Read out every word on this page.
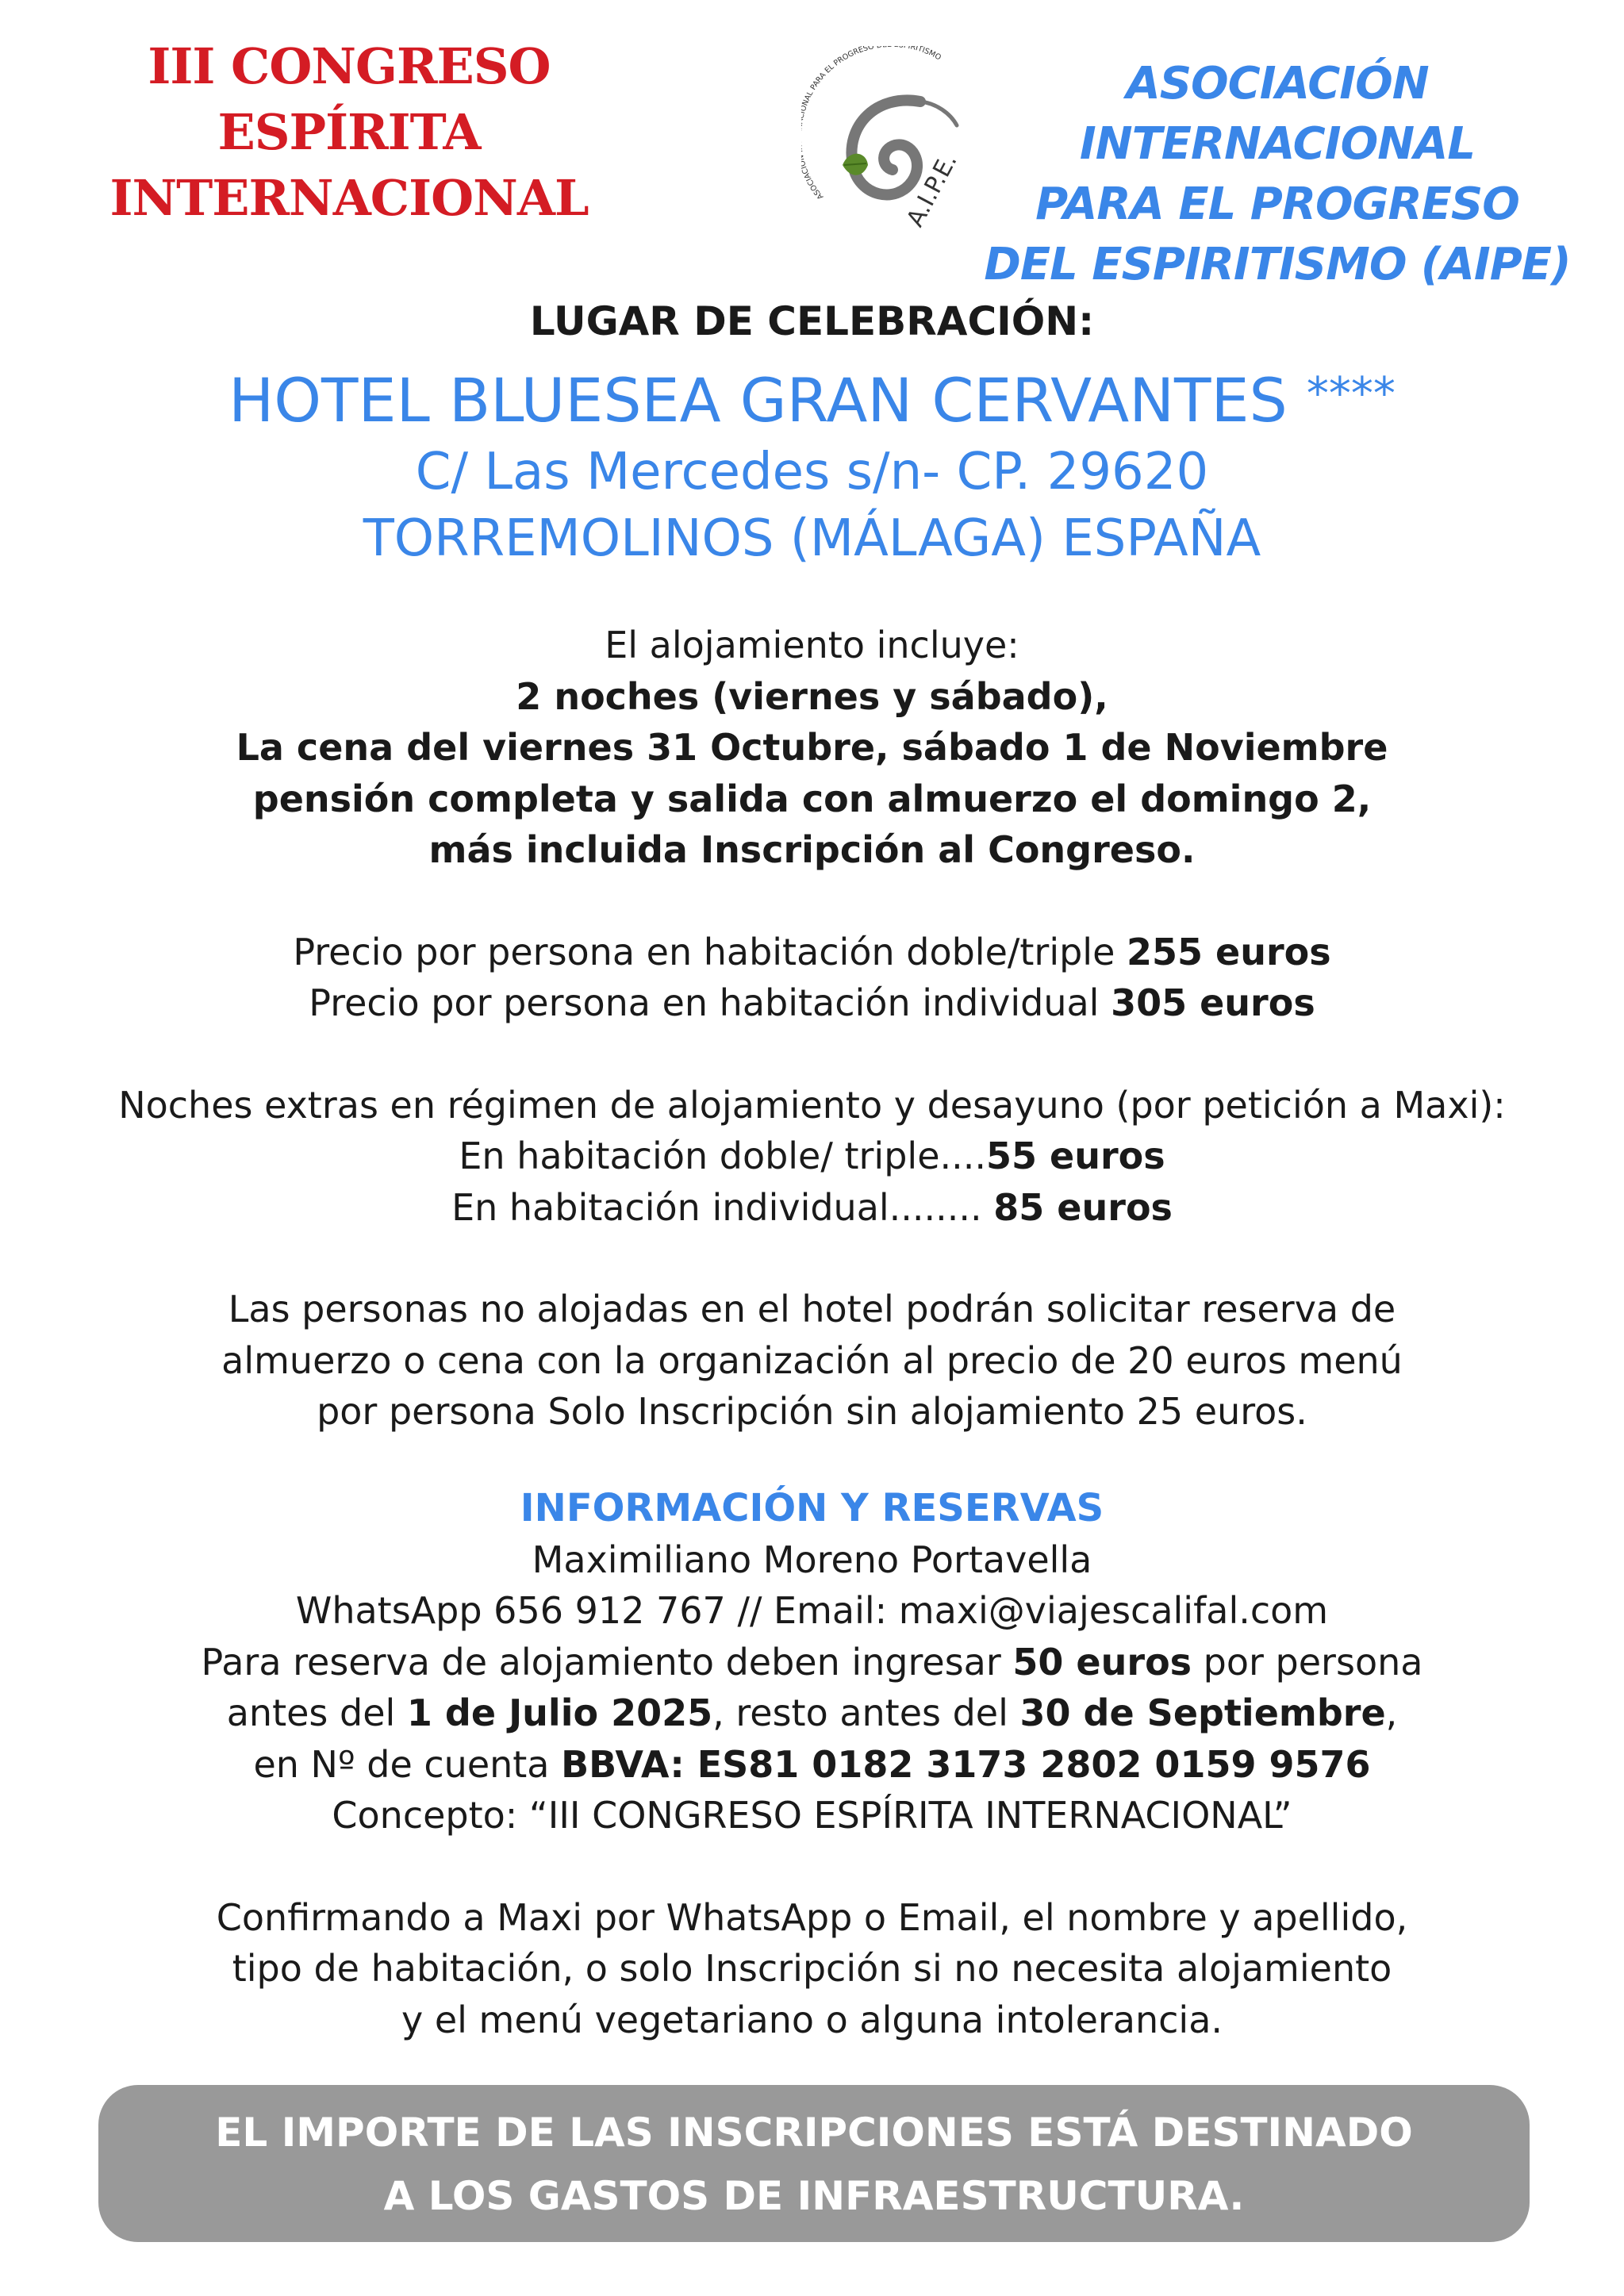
III CONGRESO
ESPÍRITA
INTERNACIONAL	ASOCIAC NAL PARA EL PROGRESO IRITISMO
A.I.P.E.
ASOCIACIÓN INTERNACIONAL
PARA EL PROGRESO
DEL ESPIRITISMO (AIPE)
LUGAR DE CELEBRACIÓN:
HOTEL BLUESEA GRAN CERVANTES ****
C/ Las Mercedes s/n- CP. 29620
TORREMOLINOS (MÁLAGA) ESPAÑA
El alojamiento incluye:
2 noches (viernes y sábado),
La cena del viernes 31 Octubre, sábado 1 de Noviembre
pensión completa y salida con almuerzo el domingo 2,
más incluida Inscripción al Congreso.
Precio por persona en habitación doble/triple 255 euros
Precio por persona en habitación individual 305 euros
Noches extras en régimen de alojamiento y desayuno (por petición a Maxi):
En habitación doble/ triple....55 euros
En habitación individual........ 85 euros
Las personas no alojadas en el hotel podrán solicitar reserva de
almuerzo o cena con la organización al precio de 20 euros menú
por persona Solo Inscripción sin alojamiento 25 euros.
INFORMACIÓN Y RESERVAS
Maximiliano Moreno Portavella
WhatsApp 656 912 767 // Email: maxi@viajescalifal.com
Para reserva de alojamiento deben ingresar 50 euros por persona
antes del 1 de Julio 2025, resto antes del 30 de Septiembre,
en Nº de cuenta BBVA: ES81 0182 3173 2802 0159 9576
Concepto: “III CONGRESO ESPÍRITA INTERNACIONAL”
Confirmando a Maxi por WhatsApp o Email, el nombre y apellido,
tipo de habitación, o solo Inscripción si no necesita alojamiento
y el menú vegetariano o alguna intolerancia.
EL IMPORTE DE LAS INSCRIPCIONES ESTÁ DESTINADO
A LOS GASTOS DE INFRAESTRUCTURA.
